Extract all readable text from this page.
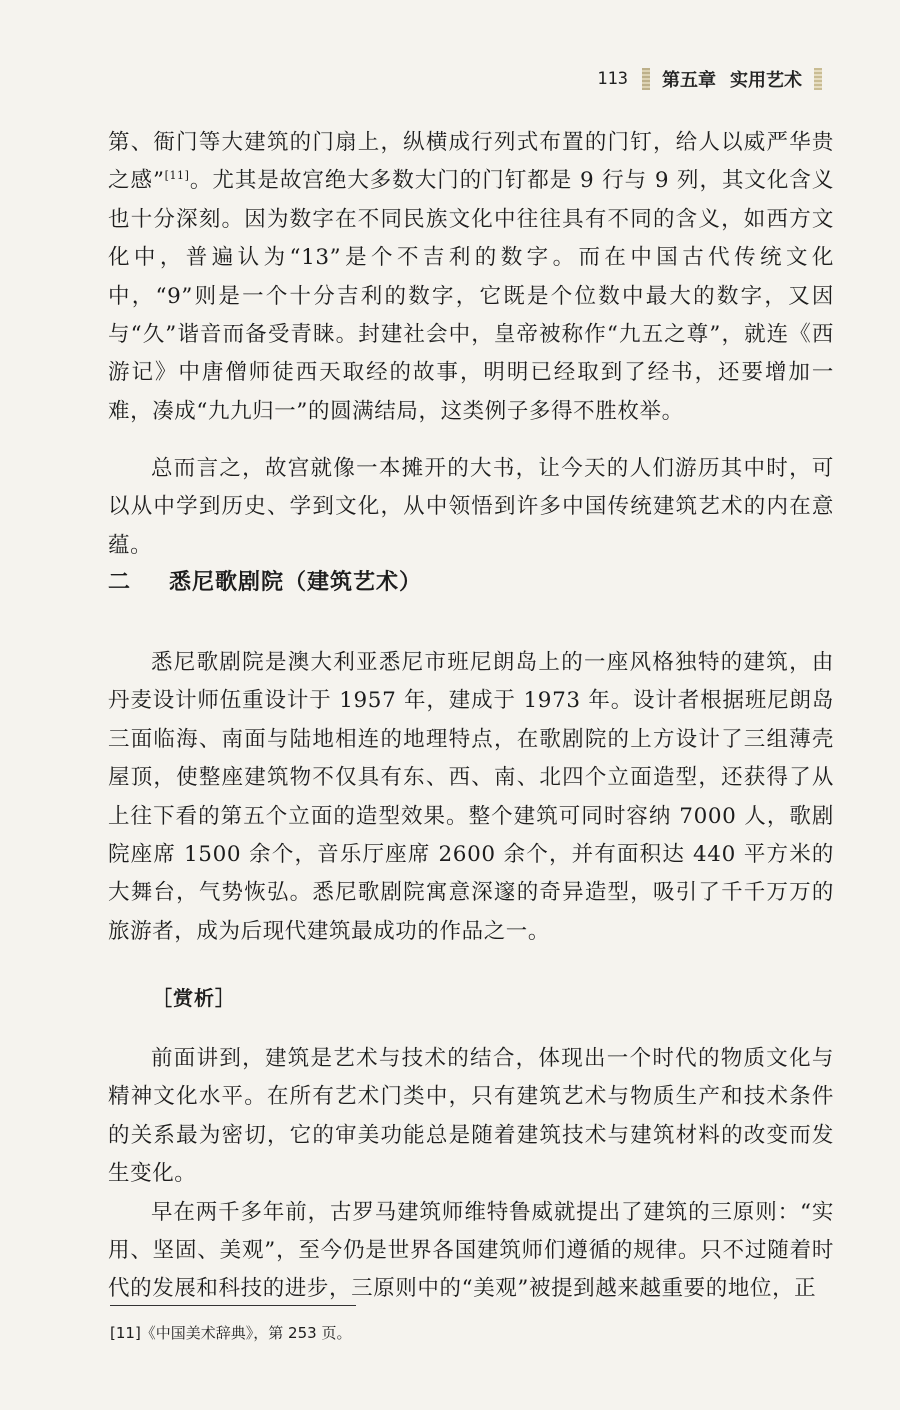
113 第五章 实用艺术

第、衙门等大建筑的门扇上，纵横成行列式布置的门钉，给人以威严华贵之感”[11]。尤其是故宫绝大多数大门的门钉都是 9 行与 9 列，其文化含义也十分深刻。因为数字在不同民族文化中往往具有不同的含义，如西方文化中，普遍认为“13”是个不吉利的数字。而在中国古代传统文化中，“9”则是一个十分吉利的数字，它既是个位数中最大的数字，又因与“久”谐音而备受青睐。封建社会中，皇帝被称作“九五之尊”，就连《西游记》中唐僧师徒西天取经的故事，明明已经取到了经书，还要增加一难，凑成“九九归一”的圆满结局，这类例子多得不胜枚举。

总而言之，故宫就像一本摊开的大书，让今天的人们游历其中时，可以从中学到历史、学到文化，从中领悟到许多中国传统建筑艺术的内在意蕴。

二 悉尼歌剧院（建筑艺术）

悉尼歌剧院是澳大利亚悉尼市班尼朗岛上的一座风格独特的建筑，由丹麦设计师伍重设计于 1957 年，建成于 1973 年。设计者根据班尼朗岛三面临海、南面与陆地相连的地理特点，在歌剧院的上方设计了三组薄壳屋顶，使整座建筑物不仅具有东、西、南、北四个立面造型，还获得了从上往下看的第五个立面的造型效果。整个建筑可同时容纳 7000 人，歌剧院座席 1500 余个，音乐厅座席 2600 余个，并有面积达 440 平方米的大舞台，气势恢弘。悉尼歌剧院寓意深邃的奇异造型，吸引了千千万万的旅游者，成为后现代建筑最成功的作品之一。

［赏析］

前面讲到，建筑是艺术与技术的结合，体现出一个时代的物质文化与精神文化水平。在所有艺术门类中，只有建筑艺术与物质生产和技术条件的关系最为密切，它的审美功能总是随着建筑技术与建筑材料的改变而发生变化。

早在两千多年前，古罗马建筑师维特鲁威就提出了建筑的三原则：“实用、坚固、美观”，至今仍是世界各国建筑师们遵循的规律。只不过随着时代的发展和科技的进步，三原则中的“美观”被提到越来越重要的地位，正

[11]《中国美术辞典》，第 253 页。
